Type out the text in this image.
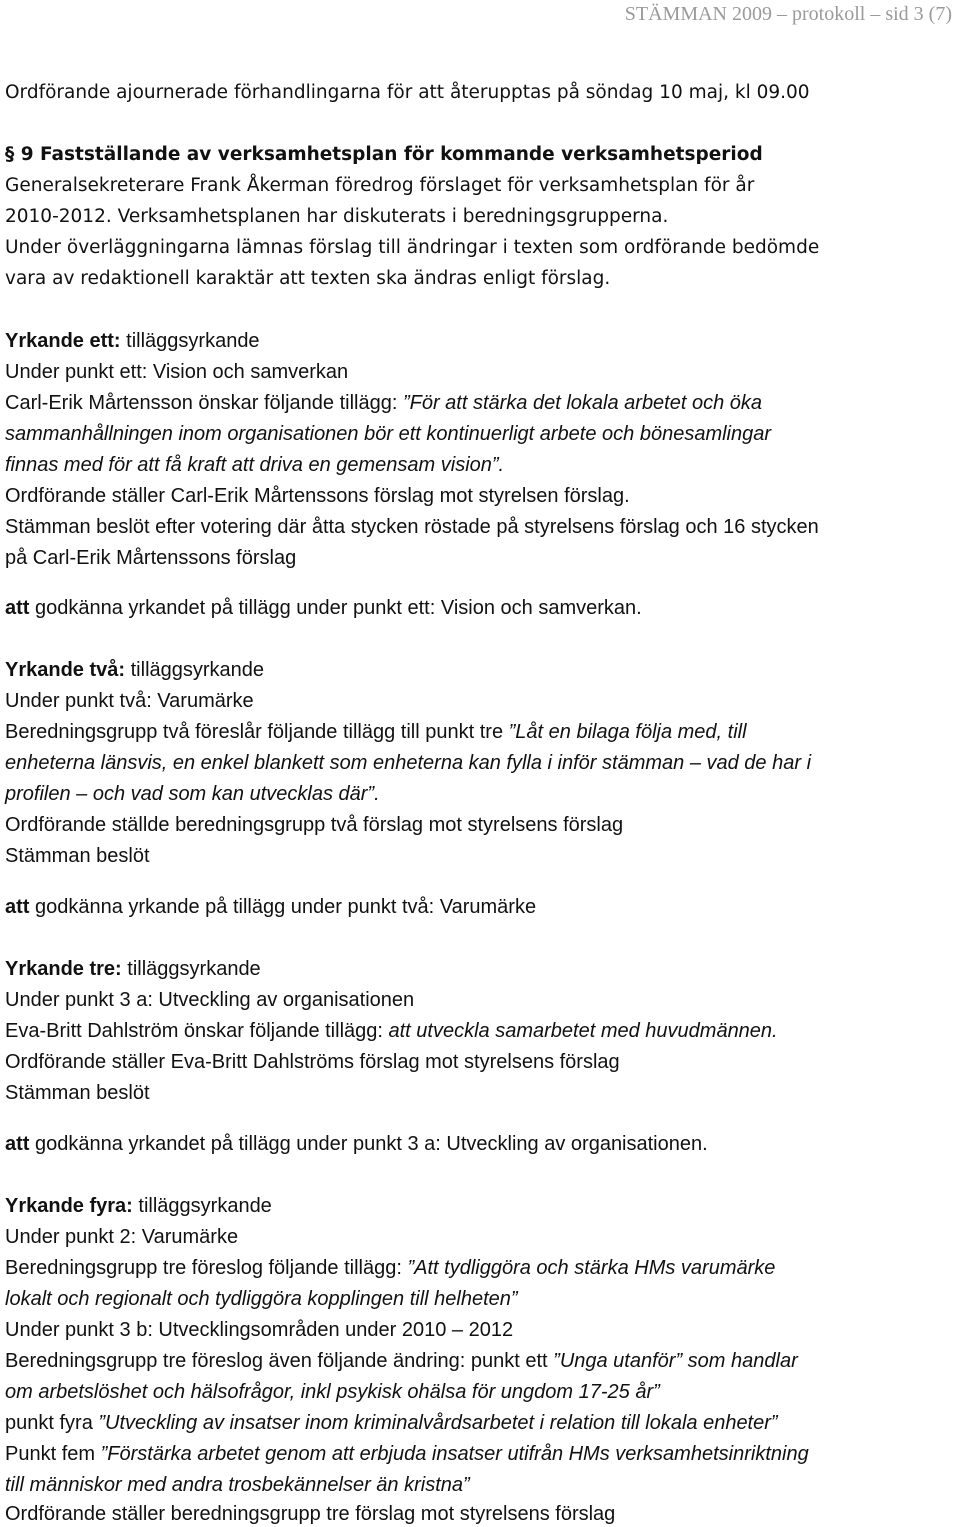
STÄMMAN 2009 – protokoll – sid 3 (7)
Ordförande ajournerade förhandlingarna för att återupptas på söndag 10 maj, kl 09.00
§ 9 Fastställande av verksamhetsplan för kommande verksamhetsperiod
Generalsekreterare Frank Åkerman föredrog förslaget för verksamhetsplan för år
2010-2012. Verksamhetsplanen har diskuterats i beredningsgrupperna.
Under överläggningarna lämnas förslag till ändringar i texten som ordförande bedömde
vara av redaktionell karaktär att texten ska ändras enligt förslag.
Yrkande ett: tilläggsyrkande
Under punkt ett: Vision och samverkan
Carl-Erik Mårtensson önskar följande tillägg: ”För att stärka det lokala arbetet och öka
sammanhållningen inom organisationen bör ett kontinuerligt arbete och bönesamlingar
finnas med för att få kraft att driva en gemensam vision”.
Ordförande ställer Carl-Erik Mårtenssons förslag mot styrelsen förslag.
Stämman beslöt efter votering där åtta stycken röstade på styrelsens förslag och 16 stycken
på Carl-Erik Mårtenssons förslag
att godkänna yrkandet på tillägg under punkt ett: Vision och samverkan.
Yrkande två: tilläggsyrkande
Under punkt två: Varumärke
Beredningsgrupp två föreslår följande tillägg till punkt tre ”Låt en bilaga följa med, till
enheterna länsvis, en enkel blankett som enheterna kan fylla i inför stämman – vad de har i
profilen – och vad som kan utvecklas där”.
Ordförande ställde beredningsgrupp två förslag mot styrelsens förslag
Stämman beslöt
att godkänna yrkande på tillägg under punkt två: Varumärke
Yrkande tre: tilläggsyrkande
Under punkt 3 a: Utveckling av organisationen
Eva-Britt Dahlström önskar följande tillägg: att utveckla samarbetet med huvudmännen.
Ordförande ställer Eva-Britt Dahlströms förslag mot styrelsens förslag
Stämman beslöt
att godkänna yrkandet på tillägg under punkt 3 a: Utveckling av organisationen.
Yrkande fyra: tilläggsyrkande
Under punkt 2: Varumärke
Beredningsgrupp tre föreslog följande tillägg: ”Att tydliggöra och stärka HMs varumärke
lokalt och regionalt och tydliggöra kopplingen till helheten”
Under punkt 3 b: Utvecklingsområden under 2010 – 2012
Beredningsgrupp tre föreslog även följande ändring: punkt ett ”Unga utanför” som handlar
om arbetslöshet och hälsofrågor, inkl psykisk ohälsa för ungdom 17-25 år”
punkt fyra ”Utveckling av insatser inom kriminalvårdsarbetet i relation till lokala enheter”
Punkt fem ”Förstärka arbetet genom att erbjuda insatser utifrån HMs verksamhetsinriktning
till människor med andra trosbekännelser än kristna”
Ordförande ställer beredningsgrupp tre förslag mot styrelsens förslag
